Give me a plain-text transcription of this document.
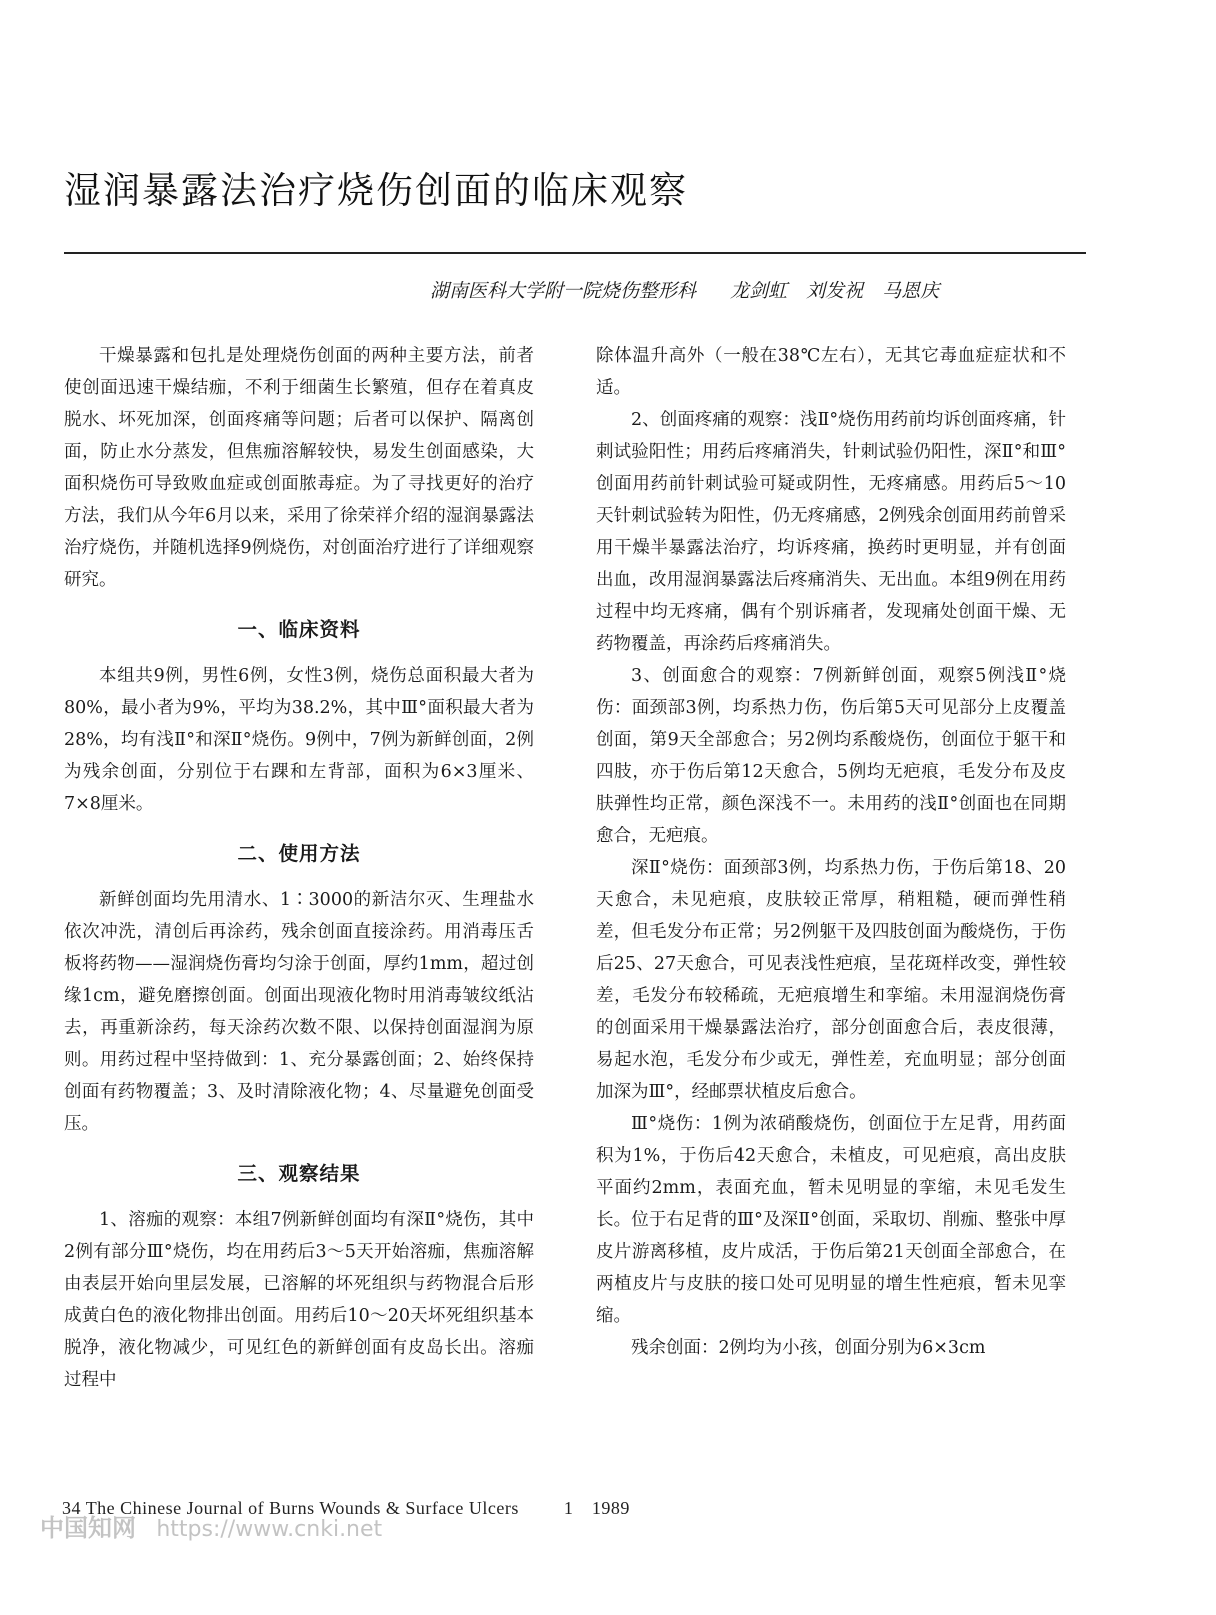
湿润暴露法治疗烧伤创面的临床观察
湖南医科大学附一院烧伤整形科 龙剑虹　刘发祝　马恩庆

干燥暴露和包扎是处理烧伤创面的两种主要方法，前者使创面迅速干燥结痂，不利于细菌生长繁殖，但存在着真皮脱水、坏死加深，创面疼痛等问题；后者可以保护、隔离创面，防止水分蒸发，但焦痂溶解较快，易发生创面感染，大面积烧伤可导致败血症或创面脓毒症。为了寻找更好的治疗方法，我们从今年6月以来，采用了徐荣祥介绍的湿润暴露法治疗烧伤，并随机选择9例烧伤，对创面治疗进行了详细观察研究。

一、临床资料

本组共9例，男性6例，女性3例，烧伤总面积最大者为80%，最小者为9%，平均为38.2%，其中Ⅲ°面积最大者为28%，均有浅Ⅱ°和深Ⅱ°烧伤。9例中，7例为新鲜创面，2例为残余创面，分别位于右踝和左背部，面积为6×3厘米、7×8厘米。

二、使用方法

新鲜创面均先用清水、1∶3000的新洁尔灭、生理盐水依次冲洗，清创后再涂药，残余创面直接涂药。用消毒压舌板将药物——湿润烧伤膏均匀涂于创面，厚约1mm，超过创缘1cm，避免磨擦创面。创面出现液化物时用消毒皱纹纸沾去，再重新涂药，每天涂药次数不限、以保持创面湿润为原则。用药过程中坚持做到：1、充分暴露创面；2、始终保持创面有药物覆盖；3、及时清除液化物；4、尽量避免创面受压。

三、观察结果

1、溶痂的观察：本组7例新鲜创面均有深Ⅱ°烧伤，其中2例有部分Ⅲ°烧伤，均在用药后3～5天开始溶痂，焦痂溶解由表层开始向里层发展，已溶解的坏死组织与药物混合后形成黄白色的液化物排出创面。用药后10～20天坏死组织基本脱净，液化物减少，可见红色的新鲜创面有皮岛长出。溶痂过程中

除体温升高外（一般在38℃左右），无其它毒血症症状和不适。

2、创面疼痛的观察：浅Ⅱ°烧伤用药前均诉创面疼痛，针刺试验阳性；用药后疼痛消失，针刺试验仍阳性，深Ⅱ°和Ⅲ°创面用药前针刺试验可疑或阴性，无疼痛感。用药后5～10天针刺试验转为阳性，仍无疼痛感，2例残余创面用药前曾采用干燥半暴露法治疗，均诉疼痛，换药时更明显，并有创面出血，改用湿润暴露法后疼痛消失、无出血。本组9例在用药过程中均无疼痛，偶有个别诉痛者，发现痛处创面干燥、无药物覆盖，再涂药后疼痛消失。

3、创面愈合的观察：7例新鲜创面，观察5例浅Ⅱ°烧伤：面颈部3例，均系热力伤，伤后第5天可见部分上皮覆盖创面，第9天全部愈合；另2例均系酸烧伤，创面位于躯干和四肢，亦于伤后第12天愈合，5例均无疤痕，毛发分布及皮肤弹性均正常，颜色深浅不一。未用药的浅Ⅱ°创面也在同期愈合，无疤痕。

深Ⅱ°烧伤：面颈部3例，均系热力伤，于伤后第18、20天愈合，未见疤痕，皮肤较正常厚，稍粗糙，硬而弹性稍差，但毛发分布正常；另2例躯干及四肢创面为酸烧伤，于伤后25、27天愈合，可见表浅性疤痕，呈花斑样改变，弹性较差，毛发分布较稀疏，无疤痕增生和挛缩。未用湿润烧伤膏的创面采用干燥暴露法治疗，部分创面愈合后，表皮很薄，易起水泡，毛发分布少或无，弹性差，充血明显；部分创面加深为Ⅲ°，经邮票状植皮后愈合。

Ⅲ°烧伤：1例为浓硝酸烧伤，创面位于左足背，用药面积为1%，于伤后42天愈合，未植皮，可见疤痕，高出皮肤平面约2mm，表面充血，暂未见明显的挛缩，未见毛发生长。位于右足背的Ⅲ°及深Ⅱ°创面，采取切、削痂、整张中厚皮片游离移植，皮片成活，于伤后第21天创面全部愈合，在两植皮片与皮肤的接口处可见明显的增生性疤痕，暂未见挛缩。

残余创面：2例均为小孩，创面分别为6×3cm

34 The Chinese Journal of Burns Wounds & Surface Ulcers	1　1989
中国知网 https://www.cnki.net
